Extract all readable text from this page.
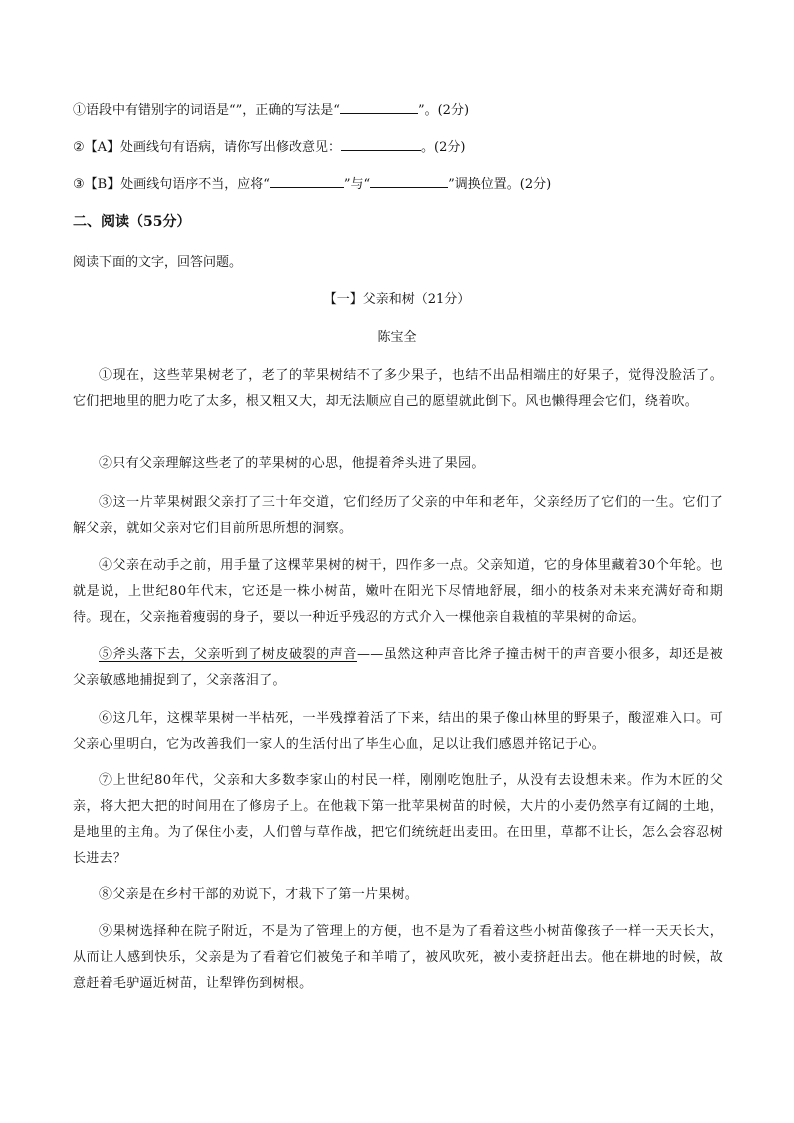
①语段中有错别字的词语是“”，正确的写法是“	”。(2分)
②【A】处画线句有语病，请你写出修改意见：	。(2分)
③【B】处画线句语序不当，应将“	”与“	”调换位置。(2分)
二、阅读（55分）
阅读下面的文字，回答问题。
【一】父亲和树（21分）
陈宝全
①现在，这些苹果树老了，老了的苹果树结不了多少果子，也结不出品相端庄的好果子，觉得没脸活了。它们把地里的肥力吃了太多，根又粗又大，却无法顺应自己的愿望就此倒下。风也懒得理会它们，绕着吹。
②只有父亲理解这些老了的苹果树的心思，他提着斧头进了果园。
③这一片苹果树跟父亲打了三十年交道，它们经历了父亲的中年和老年，父亲经历了它们的一生。它们了解父亲，就如父亲对它们目前所思所想的洞察。
④父亲在动手之前，用手量了这棵苹果树的树干，四作多一点。父亲知道，它的身体里藏着30个年轮。也就是说，上世纪80年代末，它还是一株小树苗，嫩叶在阳光下尽情地舒展，细小的枝条对未来充满好奇和期待。现在，父亲拖着瘦弱的身子，要以一种近乎残忍的方式介入一棵他亲自栽植的苹果树的命运。
⑤斧头落下去，父亲听到了树皮破裂的声音——虽然这种声音比斧子撞击树干的声音要小很多，却还是被父亲敏感地捕捉到了，父亲落泪了。
⑥这几年，这棵苹果树一半枯死，一半残撑着活了下来，结出的果子像山林里的野果子，酸涩难入口。可父亲心里明白，它为改善我们一家人的生活付出了毕生心血，足以让我们感恩并铭记于心。
⑦上世纪80年代，父亲和大多数李家山的村民一样，刚刚吃饱肚子，从没有去设想未来。作为木匠的父亲，将大把大把的时间用在了修房子上。在他栽下第一批苹果树苗的时候，大片的小麦仍然享有辽阔的土地，是地里的主角。为了保住小麦，人们曾与草作战，把它们统统赶出麦田。在田里，草都不让长，怎么会容忍树长进去？
⑧父亲是在乡村干部的劝说下，才栽下了第一片果树。
⑨果树选择种在院子附近，不是为了管理上的方便，也不是为了看着这些小树苗像孩子一样一天天长大，从而让人感到快乐，父亲是为了看着它们被兔子和羊啃了，被风吹死，被小麦挤赶出去。他在耕地的时候，故意赶着毛驴逼近树苗，让犁铧伤到树根。
